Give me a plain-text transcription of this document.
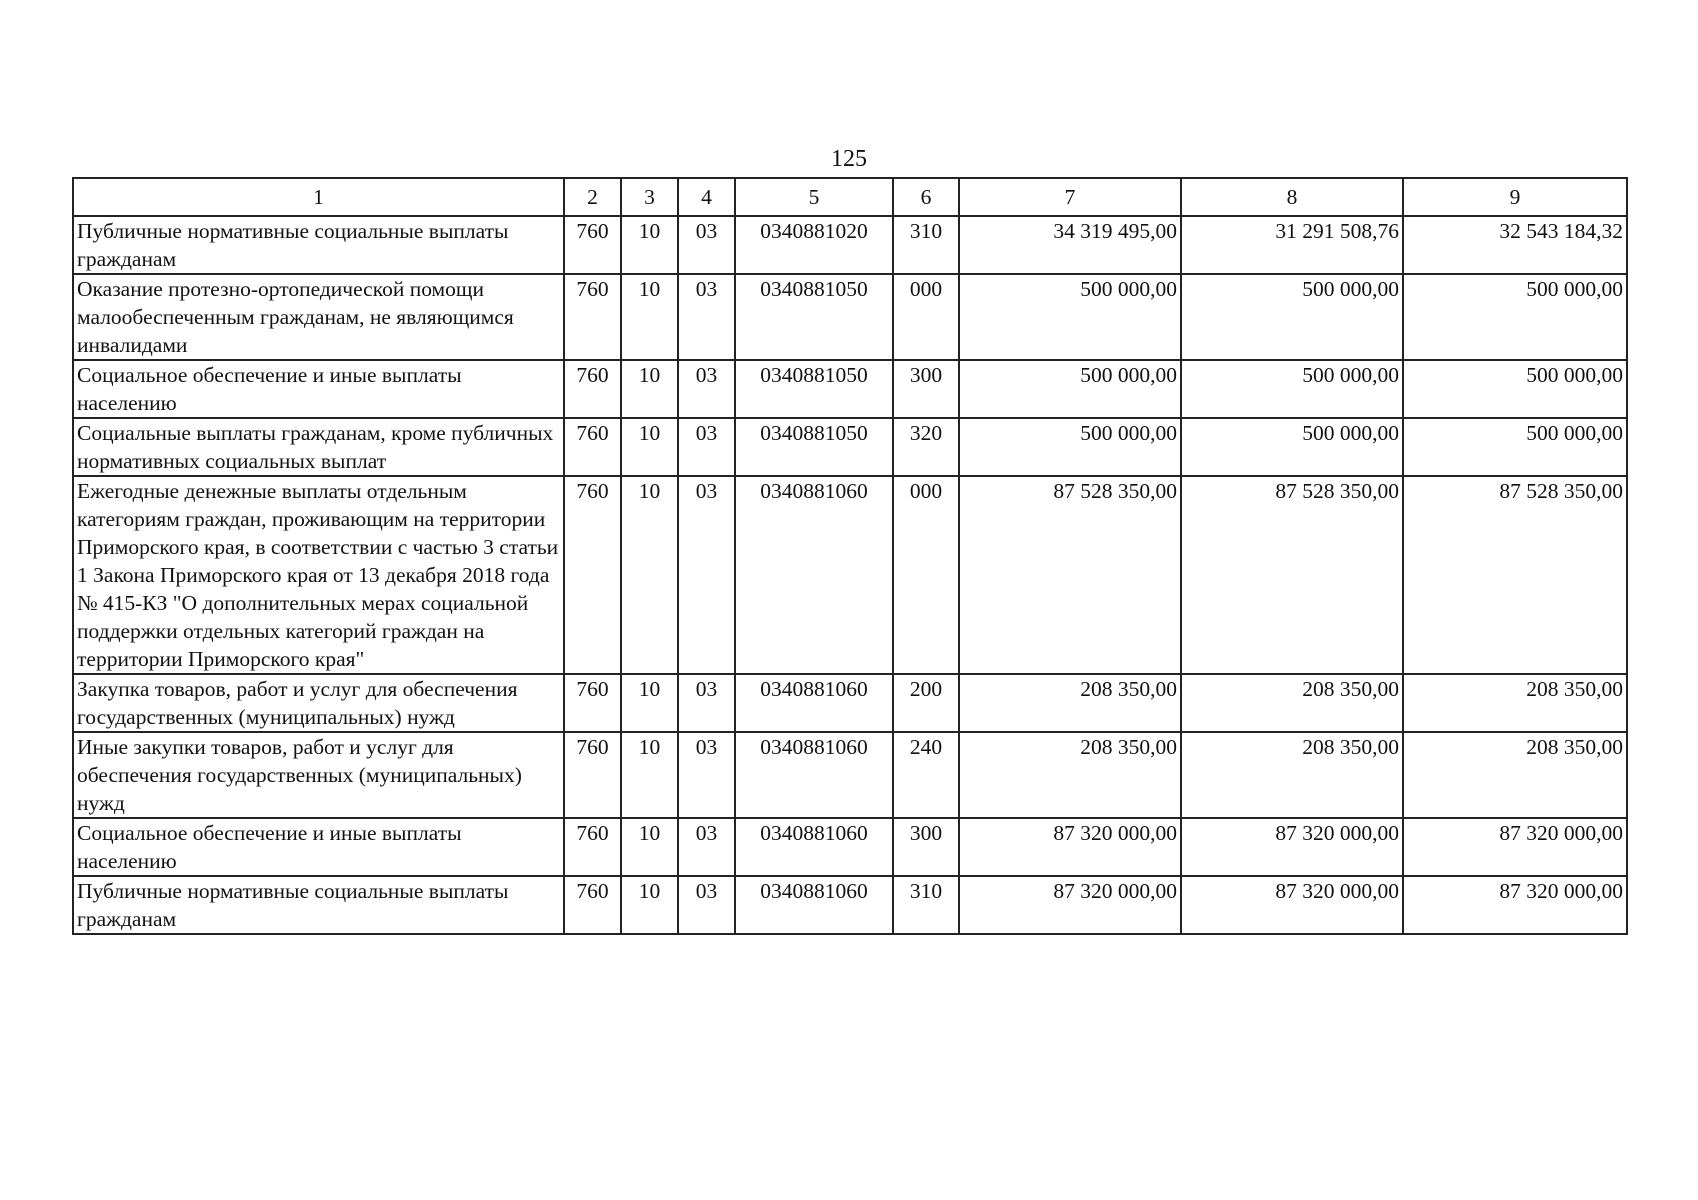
125
1	2	3	4	5	6	7	8	9
Публичные нормативные социальные выплаты гражданам	760	10	03	0340881020	310	34 319 495,00	31 291 508,76	32 543 184,32
Оказание протезно-ортопедической помощи малообеспеченным гражданам, не являющимся инвалидами	760	10	03	0340881050	000	500 000,00	500 000,00	500 000,00
Социальное обеспечение и иные выплаты населению	760	10	03	0340881050	300	500 000,00	500 000,00	500 000,00
Социальные выплаты гражданам, кроме публичных нормативных социальных выплат	760	10	03	0340881050	320	500 000,00	500 000,00	500 000,00
Ежегодные денежные выплаты отдельным категориям граждан, проживающим на территории Приморского края, в соответствии с частью 3 статьи 1 Закона Приморского края от 13 декабря 2018 года № 415-КЗ "О дополнительных мерах социальной поддержки отдельных категорий граждан на территории Приморского края"	760	10	03	0340881060	000	87 528 350,00	87 528 350,00	87 528 350,00
Закупка товаров, работ и услуг для обеспечения государственных (муниципальных) нужд	760	10	03	0340881060	200	208 350,00	208 350,00	208 350,00
Иные закупки товаров, работ и услуг для обеспечения государственных (муниципальных) нужд	760	10	03	0340881060	240	208 350,00	208 350,00	208 350,00
Социальное обеспечение и иные выплаты населению	760	10	03	0340881060	300	87 320 000,00	87 320 000,00	87 320 000,00
Публичные нормативные социальные выплаты гражданам	760	10	03	0340881060	310	87 320 000,00	87 320 000,00	87 320 000,00
